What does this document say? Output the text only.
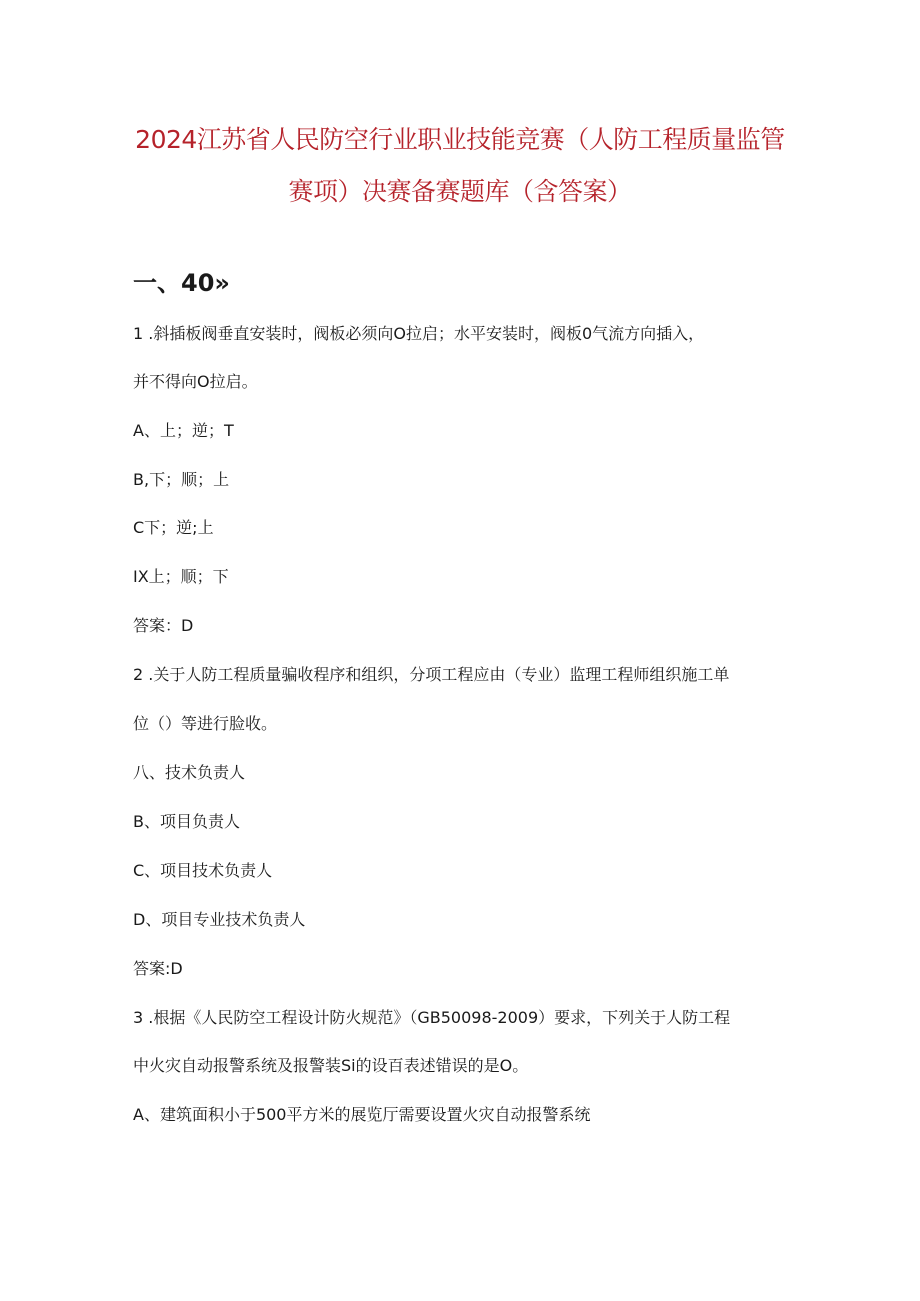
2024江苏省人民防空行业职业技能竞赛（人防工程质量监管
赛项）决赛备赛题库（含答案）
一、40»
1 .斜插板阀垂直安装时，阀板必须向O拉启；水平安装时，阀板0气流方向插入，
并不得向O拉启。
A、上；逆；T
B,下；顺；上
C下；逆;上
IX上；顺；下
答案：D
2 .关于人防工程质量骗收程序和组织，分项工程应由（专业）监理工程师组织施工单
位（）等进行脸收。
八、技术负责人
B、项目负责人
C、项目技术负责人
D、项目专业技术负责人
答案:D
3 .根据《人民防空工程设计防火规范》（GB50098-2009）要求，下列关于人防工程
中火灾自动报警系统及报警装Si的设百表述错误的是O。
A、建筑面积小于500平方米的展览厅需要设置火灾自动报警系统
